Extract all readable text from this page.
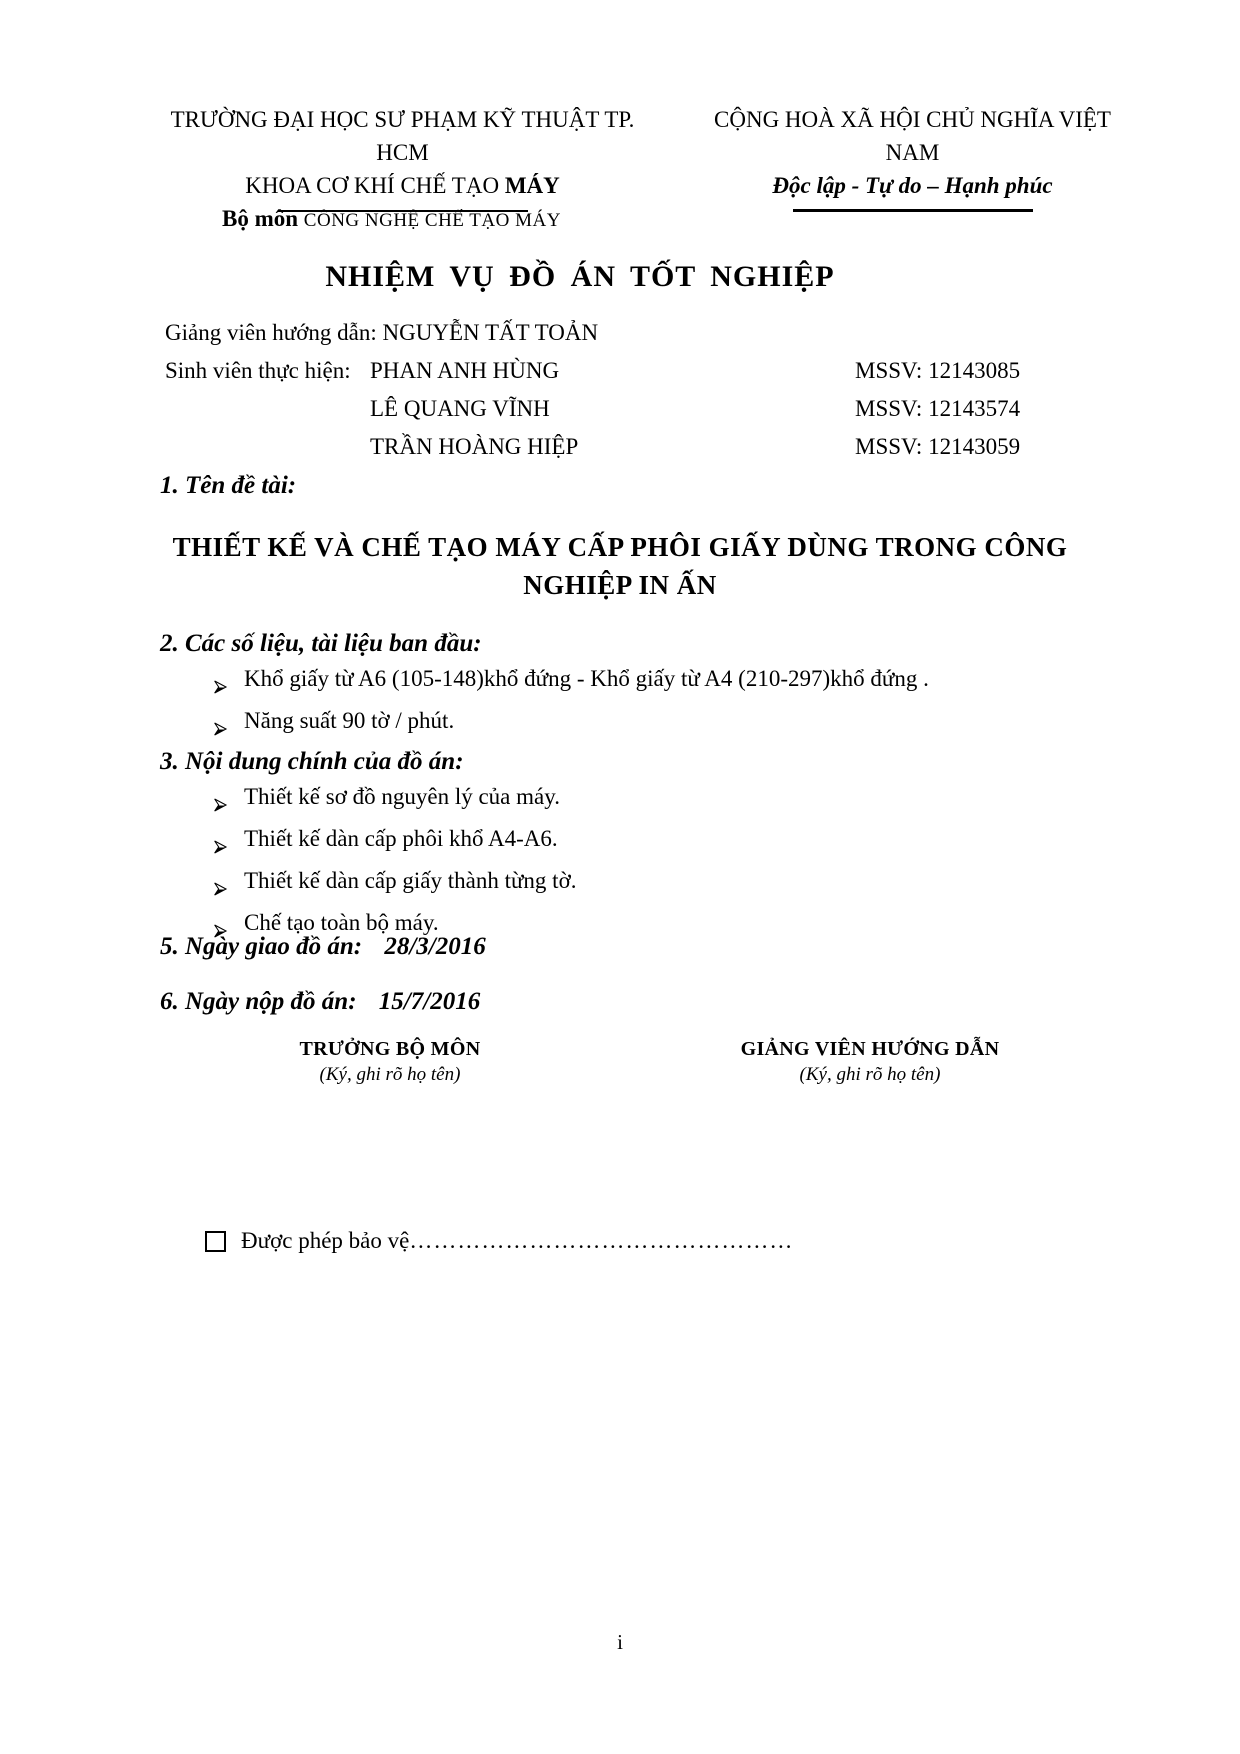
TRƯỜNG ĐẠI HỌC SƯ PHẠM KỸ THUẬT TP. HCM
KHOA CƠ KHÍ CHẾ TẠO MÁY
CỘNG HOÀ XÃ HỘI CHỦ NGHĨA VIỆT NAM
Độc lập - Tự do – Hạnh phúc
Bộ môn CÔNG NGHỆ CHẾ TẠO MÁY
NHIỆM VỤ ĐỒ ÁN TỐT NGHIỆP
Giảng viên hướng dẫn: NGUYỄN TẤT TOẢN
Sinh viên thực hiện: PHAN ANH HÙNG	MSSV: 12143085
LÊ QUANG VĨNH	MSSV: 12143574
TRẦN HOÀNG HIỆP	MSSV: 12143059
1. Tên đề tài:
THIẾT KẾ VÀ CHẾ TẠO MÁY CẤP PHÔI GIẤY DÙNG TRONG CÔNG NGHIỆP IN ẤN
2. Các số liệu, tài liệu ban đầu:
Khổ giấy từ A6 (105-148)khổ đứng - Khổ giấy từ A4 (210-297)khổ đứng .
Năng suất 90 tờ / phút.
3. Nội dung chính của đồ án:
Thiết kế sơ đồ nguyên lý của máy.
Thiết kế dàn cấp phôi khổ A4-A6.
Thiết kế dàn cấp giấy thành từng tờ.
Chế tạo toàn bộ máy.
5. Ngày giao đồ án: 28/3/2016
6. Ngày nộp đồ án: 15/7/2016
TRƯỞNG BỘ MÔN
(Ký, ghi rõ họ tên)
GIẢNG VIÊN HƯỚNG DẪN
(Ký, ghi rõ họ tên)
Được phép bảo vệ …………………………………………
i
